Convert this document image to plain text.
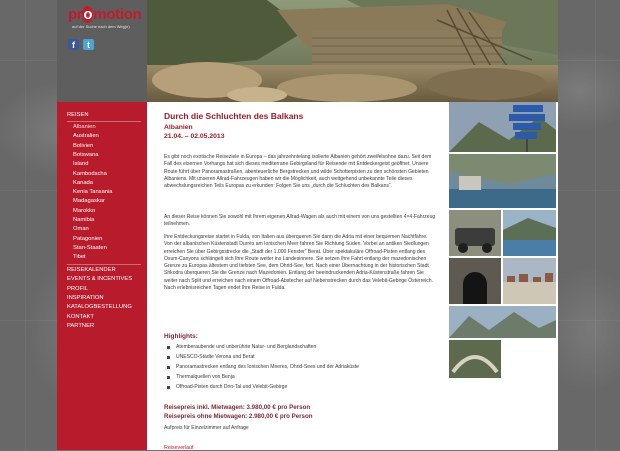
promotion
auf der Suche nach dem Weg(e)
f	t
REISEN
Albanien
Australien
Bolivien
Botswana
Island
Kambodscha
Kanada
Kenia Tansania
Madagaskar
Marokko
Namibia
Oman
Patagonien
Stan-Staaten
Tibet
REISEKALENDER
EVENTS & INCENTIVES
PROFIL
INSPIRATION
KATALOGBESTELLUNG
KONTAKT
PARTNER
Durch die Schluchten des Balkans
Albanien
21.04. – 02.05.2013

Es gibt noch exotische Reiseziele in Europa – das jahrzehntelang isolierte Albanien gehört zweifelsohne dazu. Seit dem Fall des eisernen Vorhangs hat sich dieses mediterrane Gebirgsland für Reisende mit Entdeckergeist geöffnet. Unsere Route führt über Panoramastraßen, abenteuerliche Bergstrecken und wilde Schotterpisten zu den schönsten Gebieten Albaniens. Mit unseren Allrad-Fahrzeugen haben wir die Möglichkeit, auch weitgehend unbekannte Teile dieses abwechslungsreichen Teils Europas zu erkunden: Folgen Sie uns „durch die Schluchten des Balkans“.

An dieser Reise können Sie sowohl mit Ihrem eigenen Allrad-Wagen als auch mit einem von uns gestellten 4×4-Fahrzeug teilnehmen.

Ihre Entdeckungsreise startet in Fulda, von Italien aus überqueren Sie dann die Adria mit einer bequemen Nachtfähre. Von der albanischen Küstenstadt Durrës am Ionischen Meer fahren Sie Richtung Süden. Vorbei an antiken Siedlungen erreichen Sie über Gebirgsstrecke die „Stadt der 1.000 Fenster“ Berat. Über spektakuläre Offroad-Pisten entlang des Osum-Canyons schlängelt sich Ihre Route weiter ins Landesinnere. Sie setzen Ihre Fahrt entlang der mazedonischen Grenze zu Europas ältestem und tiefsten See, dem Ohrid-See, fort. Nach einer Übernachtung in der historischen Stadt Shkodra überqueren Sie die Grenze nach Mazedonien. Entlang der beeindruckenden Adria-Küstenstraße fahren Sie weiter nach Split und erreichen nach einem Offroad-Abstecher auf Nebenstrecken durch das Velebit-Gebirge Österreich. Nach erlebnisreichen Tagen endet Ihre Reise in Fulda.

Highlights:
Atemberaubende und unberührte Natur- und Berglandschaften
UNESCO-Städte Verona und Berat
Panoramastrecken entlang des Ionischen Meeres, Ohrid-Sees und der Adriaküste
Thermalquellen von Benja
Offroad-Pisten durch Drin-Tal und Velebit-Gebirge
Reisepreis inkl. Mietwagen: 3.980,00 € pro Person
Reisepreis ohne Mietwagen: 2.980,00 € pro Person
Aufpreis für Einzelzimmer auf Anfrage
Reiseverlauf
